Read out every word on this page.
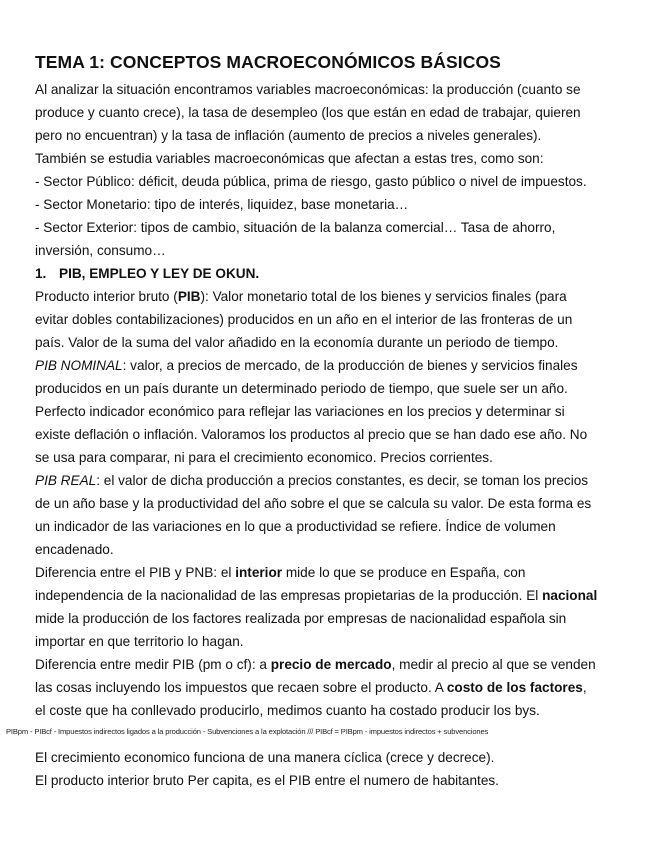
TEMA 1: CONCEPTOS MACROECONÓMICOS BÁSICOS

Al analizar la situación encontramos variables macroeconómicas: la producción (cuanto se

produce y cuanto crece), la tasa de desempleo (los que están en edad de trabajar, quieren

pero no encuentran) y la tasa de inflación (aumento de precios a niveles generales).

También se estudia variables macroeconómicas que afectan a estas tres, como son:

- Sector Público: déficit, deuda pública, prima de riesgo, gasto público o nivel de impuestos.

- Sector Monetario: tipo de interés, liquidez, base monetaria…

- Sector Exterior: tipos de cambio, situación de la balanza comercial… Tasa de ahorro,

inversión, consumo…

1. PIB, EMPLEO Y LEY DE OKUN.

Producto interior bruto (PIB): Valor monetario total de los bienes y servicios finales (para

evitar dobles contabilizaciones) producidos en un año en el interior de las fronteras de un

país. Valor de la suma del valor añadido en la economía durante un periodo de tiempo.

PIB NOMINAL: valor, a precios de mercado, de la producción de bienes y servicios finales

producidos en un país durante un determinado periodo de tiempo, que suele ser un año.

Perfecto indicador económico para reflejar las variaciones en los precios y determinar si

existe deflación o inflación. Valoramos los productos al precio que se han dado ese año. No

se usa para comparar, ni para el crecimiento economico. Precios corrientes.

PIB REAL: el valor de dicha producción a precios constantes, es decir, se toman los precios

de un año base y la productividad del año sobre el que se calcula su valor. De esta forma es

un indicador de las variaciones en lo que a productividad se refiere. Índice de volumen

encadenado.

Diferencia entre el PIB y PNB: el interior mide lo que se produce en España, con

independencia de la nacionalidad de las empresas propietarias de la producción. El nacional

mide la producción de los factores realizada por empresas de nacionalidad española sin

importar en que territorio lo hagan.

Diferencia entre medir PIB (pm o cf): a precio de mercado, medir al precio al que se venden

las cosas incluyendo los impuestos que recaen sobre el producto. A costo de los factores,

el coste que ha conllevado producirlo, medimos cuanto ha costado producir los bys.

PIBpm - PIBcf - Impuestos indirectos ligados a la producción - Subvenciones a la explotación /// PIBcf = PIBpm - impuestos indirectos + subvenciones

El crecimiento economico funciona de una manera cíclica (crece y decrece).

El producto interior bruto Per capita, es el PIB entre el numero de habitantes.
